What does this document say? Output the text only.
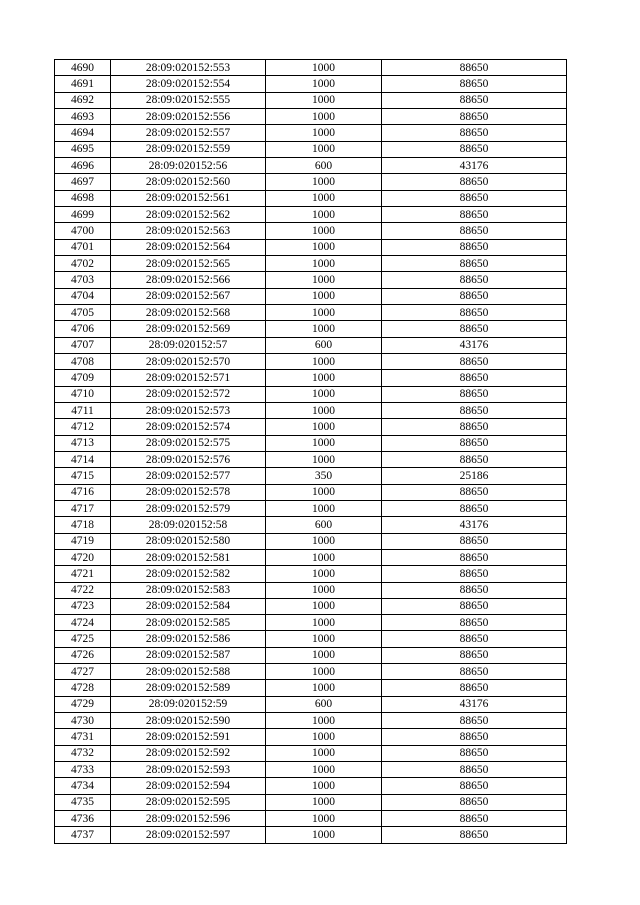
4690	28:09:020152:553	1000	88650
4691	28:09:020152:554	1000	88650
4692	28:09:020152:555	1000	88650
4693	28:09:020152:556	1000	88650
4694	28:09:020152:557	1000	88650
4695	28:09:020152:559	1000	88650
4696	28:09:020152:56	600	43176
4697	28:09:020152:560	1000	88650
4698	28:09:020152:561	1000	88650
4699	28:09:020152:562	1000	88650
4700	28:09:020152:563	1000	88650
4701	28:09:020152:564	1000	88650
4702	28:09:020152:565	1000	88650
4703	28:09:020152:566	1000	88650
4704	28:09:020152:567	1000	88650
4705	28:09:020152:568	1000	88650
4706	28:09:020152:569	1000	88650
4707	28:09:020152:57	600	43176
4708	28:09:020152:570	1000	88650
4709	28:09:020152:571	1000	88650
4710	28:09:020152:572	1000	88650
4711	28:09:020152:573	1000	88650
4712	28:09:020152:574	1000	88650
4713	28:09:020152:575	1000	88650
4714	28:09:020152:576	1000	88650
4715	28:09:020152:577	350	25186
4716	28:09:020152:578	1000	88650
4717	28:09:020152:579	1000	88650
4718	28:09:020152:58	600	43176
4719	28:09:020152:580	1000	88650
4720	28:09:020152:581	1000	88650
4721	28:09:020152:582	1000	88650
4722	28:09:020152:583	1000	88650
4723	28:09:020152:584	1000	88650
4724	28:09:020152:585	1000	88650
4725	28:09:020152:586	1000	88650
4726	28:09:020152:587	1000	88650
4727	28:09:020152:588	1000	88650
4728	28:09:020152:589	1000	88650
4729	28:09:020152:59	600	43176
4730	28:09:020152:590	1000	88650
4731	28:09:020152:591	1000	88650
4732	28:09:020152:592	1000	88650
4733	28:09:020152:593	1000	88650
4734	28:09:020152:594	1000	88650
4735	28:09:020152:595	1000	88650
4736	28:09:020152:596	1000	88650
4737	28:09:020152:597	1000	88650
